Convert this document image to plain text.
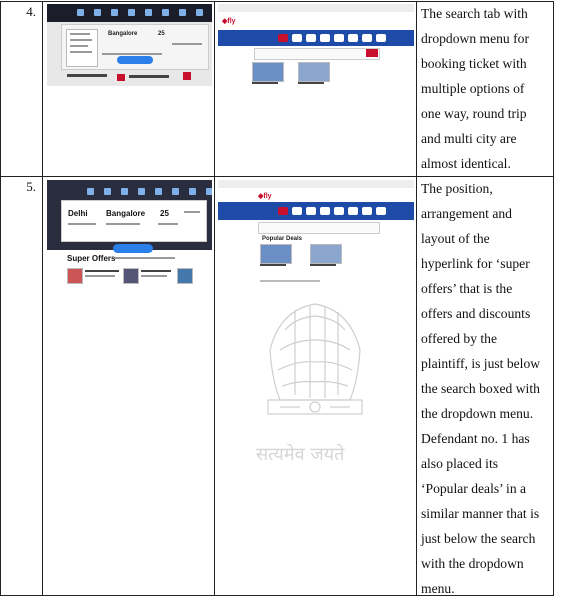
4.
Bangalore	25
◆fly

The search tab with

dropdown menu for

booking ticket with

multiple options of

one way, round trip

and multi city are

almost identical.

5.
Delhi Bangalore 25
Super Offers
◆fly
Popular Deals
सत्यमेव जयते

The position,

arrangement and

layout of the

hyperlink for ‘super

offers’ that is the

offers and discounts

offered by the

plaintiff, is just below

the search boxed with

the dropdown menu.

Defendant no. 1 has

also placed its

‘Popular deals’ in a

similar manner that is

just below the search

with the dropdown

menu.
